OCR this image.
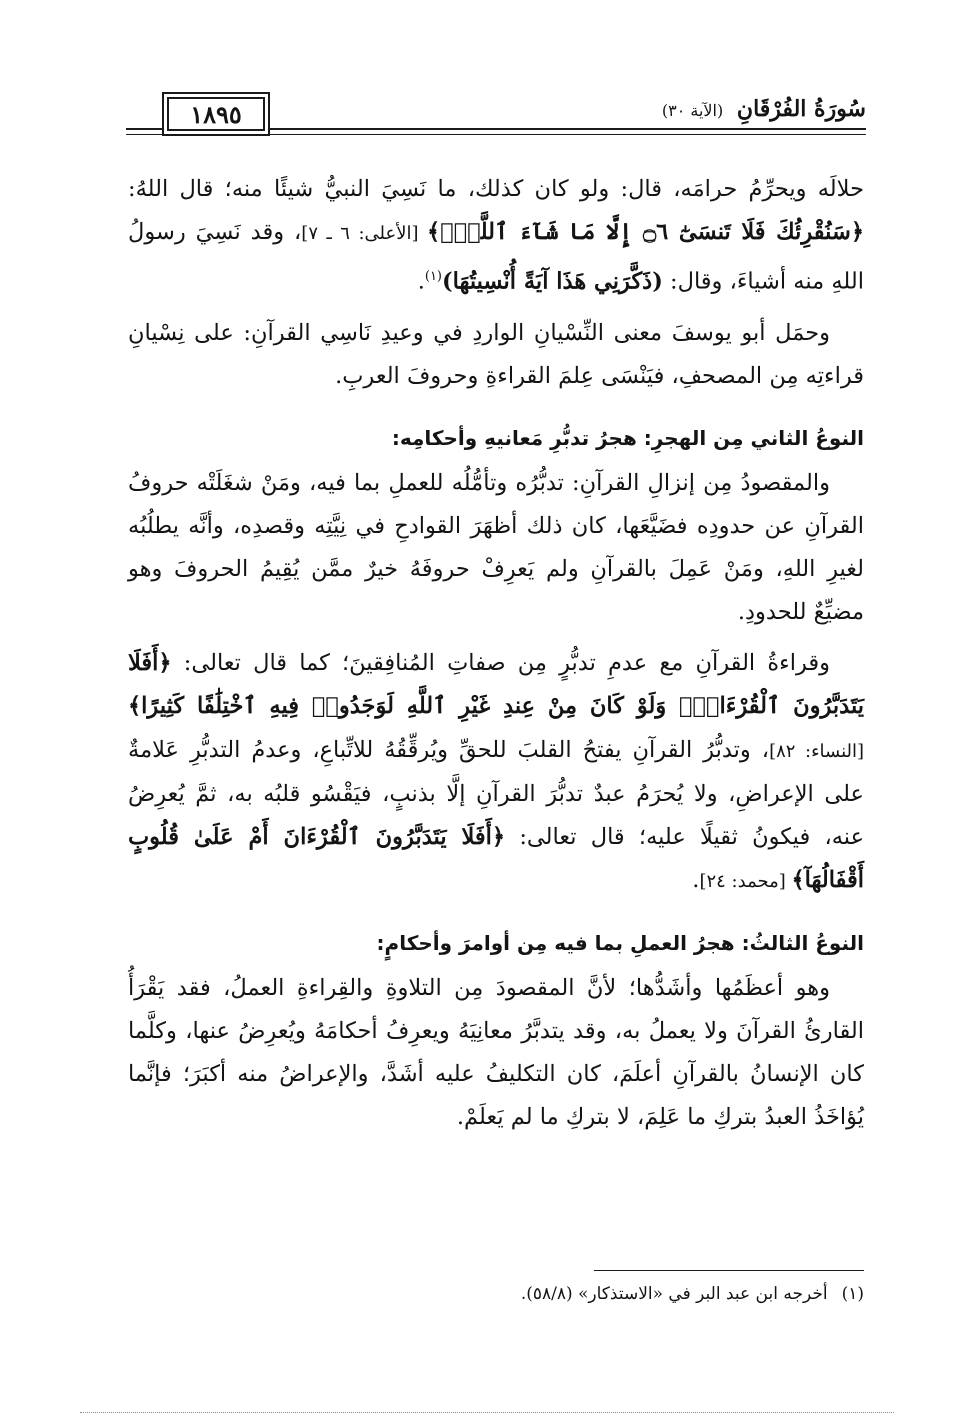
سُورَةُ الفُرْقَانِ (الآية ٣٠)
١٨٩٥

حلالَه ويحرِّمُ حرامَه، قال: ولو كان كذلك، ما نَسِيَ النبيُّ شيئًا منه؛ قال اللهُ: ﴿سَنُقْرِئُكَ فَلَا تَنسَىٰٓ ۝٦ إِلَّا مَا شَآءَ ٱللَّهُۚ﴾ [الأعلى: ٦ ـ ٧]، وقد نَسِيَ رسولُ اللهِ منه أشياءَ، وقال: (ذَكَّرَنِي هَذَا آيَةً أُنْسِيتُهَا)$^{(١)}$.

وحمَل أبو يوسفَ معنى النِّسْيانِ الواردِ في وعيدِ نَاسِي القرآنِ: على نِسْيانِ قراءتِه مِن المصحفِ، فيَنْسَى عِلمَ القراءةِ وحروفَ العربِ.

النوعُ الثاني مِن الهجرِ: هجرُ تدبُّرِ مَعانيهِ وأحكامِه:

والمقصودُ مِن إنزالِ القرآنِ: تدبُّرُه وتأمُّلُه للعملِ بما فيه، ومَنْ شغَلَتْه حروفُ القرآنِ عن حدودِه فضَيَّعَها، كان ذلك أظهَرَ القوادحِ في نِيَّتِه وقصدِه، وأنَّه يطلُبُه لغيرِ اللهِ، ومَنْ عَمِلَ بالقرآنِ ولم يَعرِفْ حروفَهُ خيرٌ ممَّن يُقِيمُ الحروفَ وهو مضيِّعٌ للحدودِ.

وقراءةُ القرآنِ مع عدمِ تدبُّرٍ مِن صفاتِ المُنافِقينَ؛ كما قال تعالى: ﴿أَفَلَا يَتَدَبَّرُونَ ٱلْقُرْءَانَۚ وَلَوْ كَانَ مِنْ عِندِ غَيْرِ ٱللَّهِ لَوَجَدُوا۟ فِيهِ ٱخْتِلَٰفًا كَثِيرًا﴾ [النساء: ٨٢]، وتدبُّرُ القرآنِ يفتحُ القلبَ للحقِّ ويُرقِّقُهُ للاتِّباعِ، وعدمُ التدبُّرِ عَلامةٌ على الإعراضِ، ولا يُحرَمُ عبدٌ تدبُّرَ القرآنِ إلَّا بذنبٍ، فيَقْسُو قلبُه به، ثمَّ يُعرِضُ عنه، فيكونُ ثقيلًا عليه؛ قال تعالى: ﴿أَفَلَا يَتَدَبَّرُونَ ٱلْقُرْءَانَ أَمْ عَلَىٰ قُلُوبٍ أَقْفَالُهَآ﴾ [محمد: ٢٤].

النوعُ الثالثُ: هجرُ العملِ بما فيه مِن أوامرَ وأحكامٍ:

وهو أعظَمُها وأشَدُّها؛ لأنَّ المقصودَ مِن التلاوةِ والقِراءةِ العملُ، فقد يَقْرَأُ القارئُ القرآنَ ولا يعملُ به، وقد يتدبَّرُ معانِيَهُ ويعرِفُ أحكامَهُ ويُعرِضُ عنها، وكلَّما كان الإنسانُ بالقرآنِ أعلَمَ، كان التكليفُ عليه أشَدَّ، والإعراضُ منه أكبَرَ؛ فإنَّما يُؤاخَذُ العبدُ بتركِ ما عَلِمَ، لا بتركِ ما لم يَعلَمْ.

(١)أخرجه ابن عبد البر في «الاستذكار» (٥٨/٨).
